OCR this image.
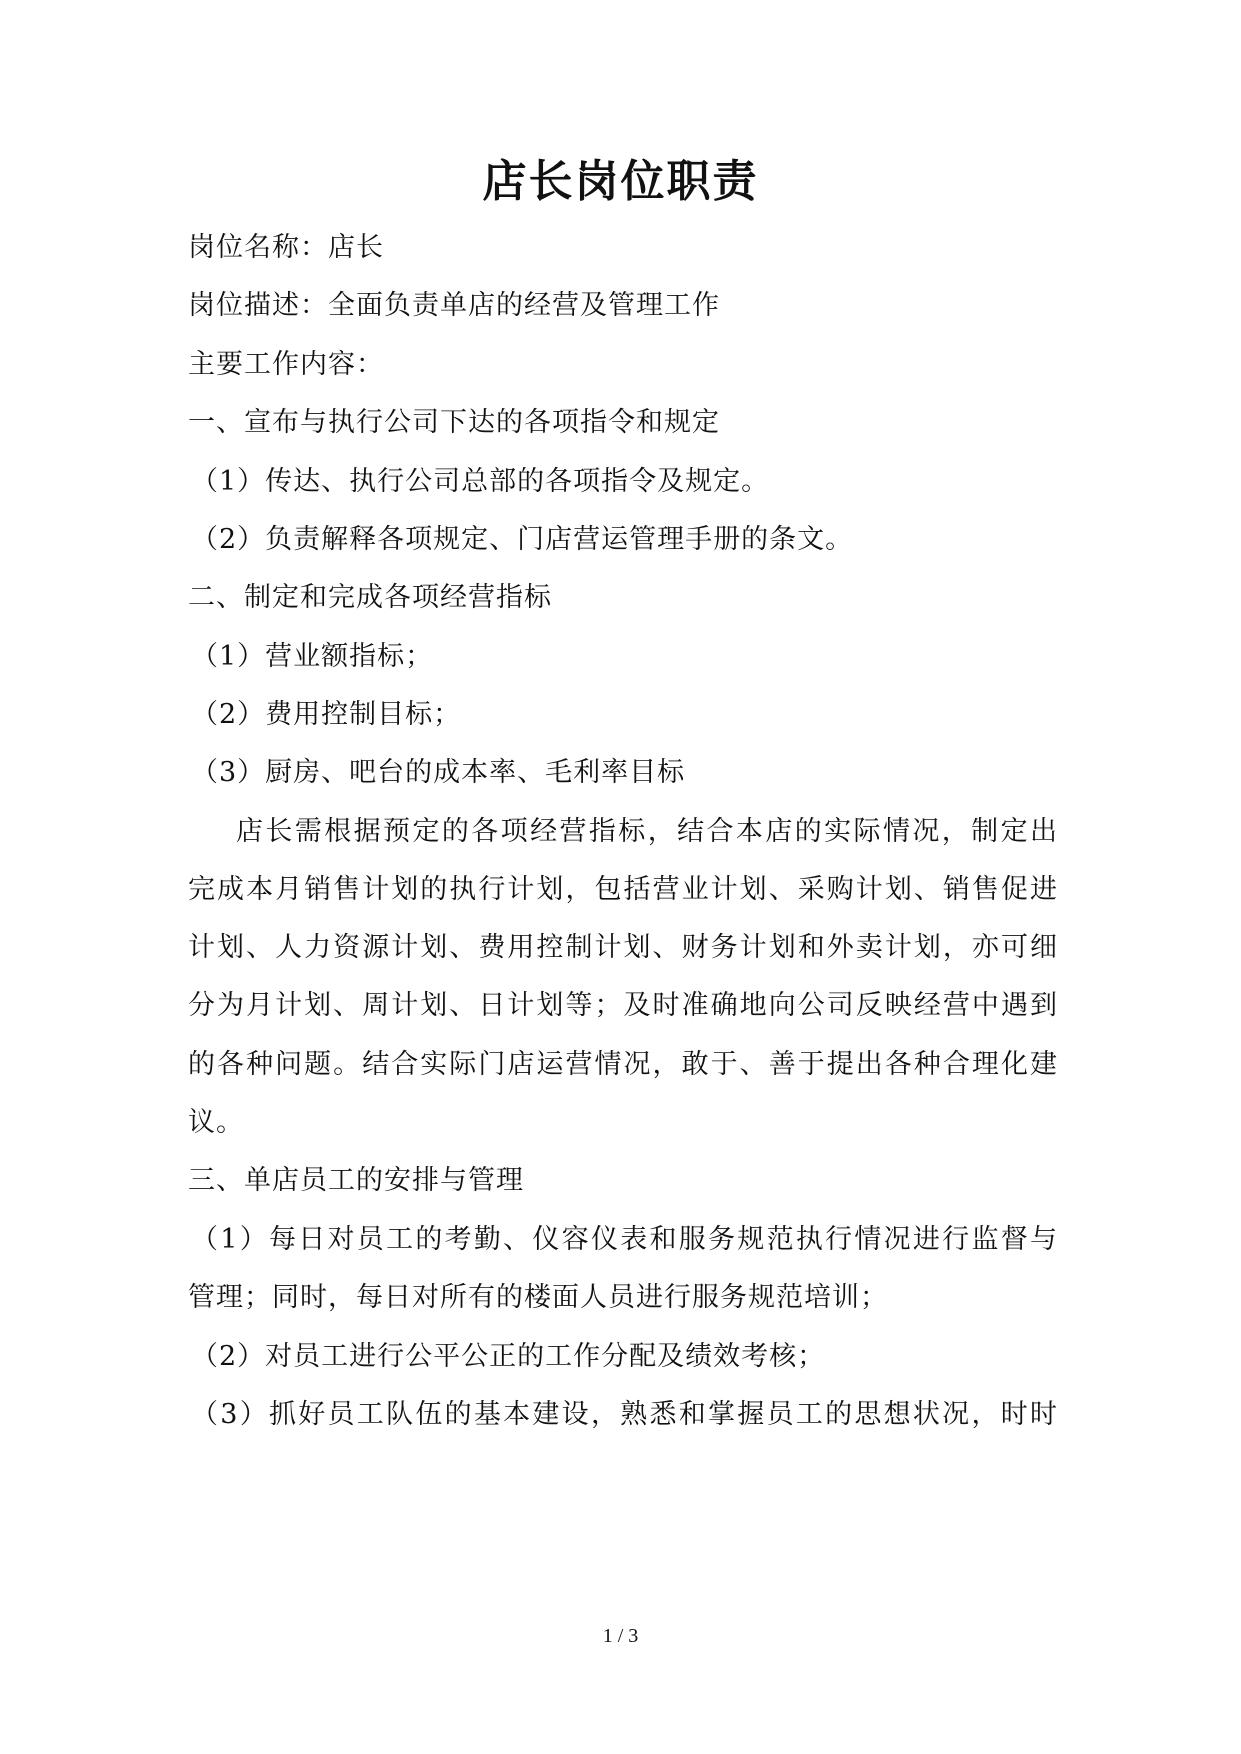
店长岗位职责
岗位名称：店长
岗位描述：全面负责单店的经营及管理工作
主要工作内容：
一、宣布与执行公司下达的各项指令和规定
（1）传达、执行公司总部的各项指令及规定。
（2）负责解释各项规定、门店营运管理手册的条文。
二、制定和完成各项经营指标
（1）营业额指标；
（2）费用控制目标；
（3）厨房、吧台的成本率、毛利率目标
店长需根据预定的各项经营指标，结合本店的实际情况，制定出
完成本月销售计划的执行计划，包括营业计划、采购计划、销售促进
计划、人力资源计划、费用控制计划、财务计划和外卖计划，亦可细
分为月计划、周计划、日计划等；及时准确地向公司反映经营中遇到
的各种问题。结合实际门店运营情况，敢于、善于提出各种合理化建
议。
三、单店员工的安排与管理
（1）每日对员工的考勤、仪容仪表和服务规范执行情况进行监督与
管理；同时，每日对所有的楼面人员进行服务规范培训；
（2）对员工进行公平公正的工作分配及绩效考核；
（3）抓好员工队伍的基本建设，熟悉和掌握员工的思想状况，时时
1 / 3
